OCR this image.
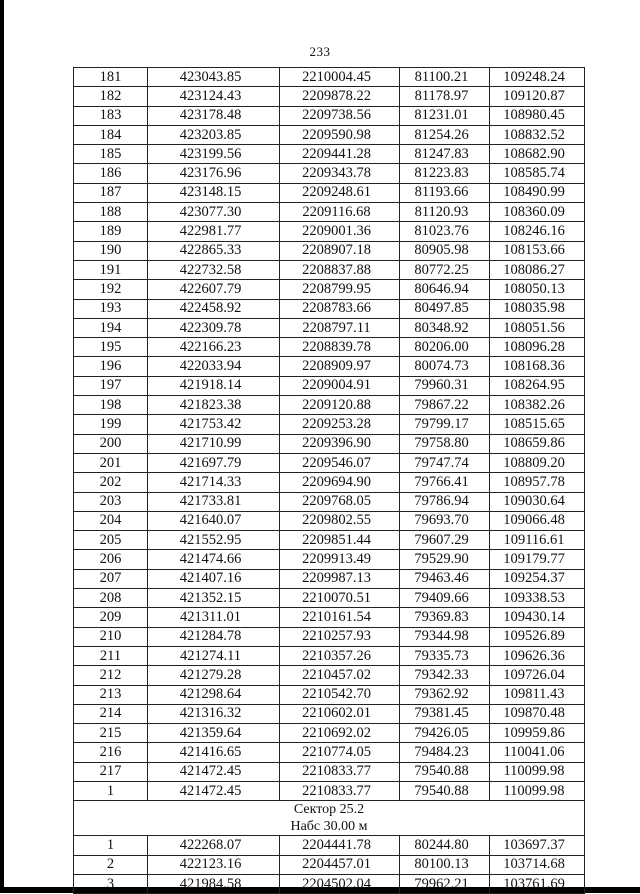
233
181	423043.85	2210004.45	81100.21	109248.24
182	423124.43	2209878.22	81178.97	109120.87
183	423178.48	2209738.56	81231.01	108980.45
184	423203.85	2209590.98	81254.26	108832.52
185	423199.56	2209441.28	81247.83	108682.90
186	423176.96	2209343.78	81223.83	108585.74
187	423148.15	2209248.61	81193.66	108490.99
188	423077.30	2209116.68	81120.93	108360.09
189	422981.77	2209001.36	81023.76	108246.16
190	422865.33	2208907.18	80905.98	108153.66
191	422732.58	2208837.88	80772.25	108086.27
192	422607.79	2208799.95	80646.94	108050.13
193	422458.92	2208783.66	80497.85	108035.98
194	422309.78	2208797.11	80348.92	108051.56
195	422166.23	2208839.78	80206.00	108096.28
196	422033.94	2208909.97	80074.73	108168.36
197	421918.14	2209004.91	79960.31	108264.95
198	421823.38	2209120.88	79867.22	108382.26
199	421753.42	2209253.28	79799.17	108515.65
200	421710.99	2209396.90	79758.80	108659.86
201	421697.79	2209546.07	79747.74	108809.20
202	421714.33	2209694.90	79766.41	108957.78
203	421733.81	2209768.05	79786.94	109030.64
204	421640.07	2209802.55	79693.70	109066.48
205	421552.95	2209851.44	79607.29	109116.61
206	421474.66	2209913.49	79529.90	109179.77
207	421407.16	2209987.13	79463.46	109254.37
208	421352.15	2210070.51	79409.66	109338.53
209	421311.01	2210161.54	79369.83	109430.14
210	421284.78	2210257.93	79344.98	109526.89
211	421274.11	2210357.26	79335.73	109626.36
212	421279.28	2210457.02	79342.33	109726.04
213	421298.64	2210542.70	79362.92	109811.43
214	421316.32	2210602.01	79381.45	109870.48
215	421359.64	2210692.02	79426.05	109959.86
216	421416.65	2210774.05	79484.23	110041.06
217	421472.45	2210833.77	79540.88	110099.98
1	421472.45	2210833.77	79540.88	110099.98

Сектор 25.2
Набс 30.00 м				

1	422268.07	2204441.78	80244.80	103697.37
2	422123.16	2204457.01	80100.13	103714.68
3	421984.58	2204502.04	79962.21	103761.69
